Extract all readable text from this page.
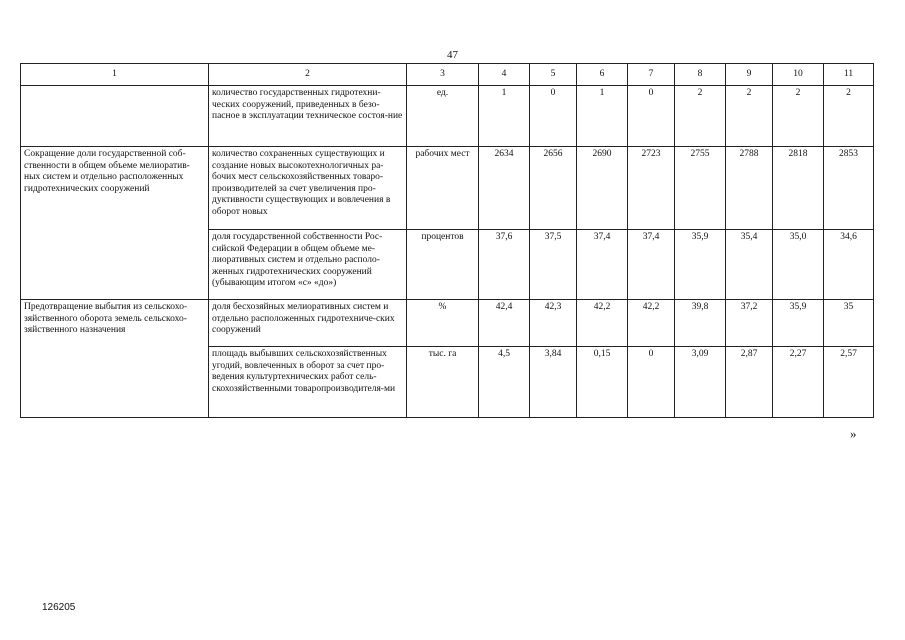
47
1	2	3	4	5	6	7	8	9	10	11
	количество государственных гидротехни-ческих сооружений, приведенных в безо-пасное в эксплуатации техническое состоя-ние	ед.	1	0	1	0	2	2	2	2
Сокращение доли государственной соб-ственности в общем объеме мелиоратив-ных систем и отдельно расположенных гидротехнических сооружений	количество сохраненных существующих и создание новых высокотехнологичных ра-бочих мест сельскохозяйственных товаро-производителей за счет увеличения про-дуктивности существующих и вовлечения в оборот новых	рабочих мест	2634	2656	2690	2723	2755	2788	2818	2853
	доля государственной собственности Рос-сийской Федерации в общем объеме ме-лиоративных систем и отдельно располо-женных гидротехнических сооружений (убывающим итогом «с» «до»)	процентов	37,6	37,5	37,4	37,4	35,9	35,4	35,0	34,6
Предотвращение выбытия из сельскохо-зяйственного оборота земель сельскохо-зяйственного назначения	доля бесхозяйных мелиоративных систем и отдельно расположенных гидротехниче-ских сооружений	%	42,4	42,3	42,2	42,2	39,8	37,2	35,9	35
	площадь выбывших сельскохозяйственных угодий, вовлеченных в оборот за счет про-ведения культуртехнических работ сель-скохозяйственными товаропроизводителя-ми	тыс. га	4,5	3,84	0,15	0	3,09	2,87	2,27	2,57
»
126205
